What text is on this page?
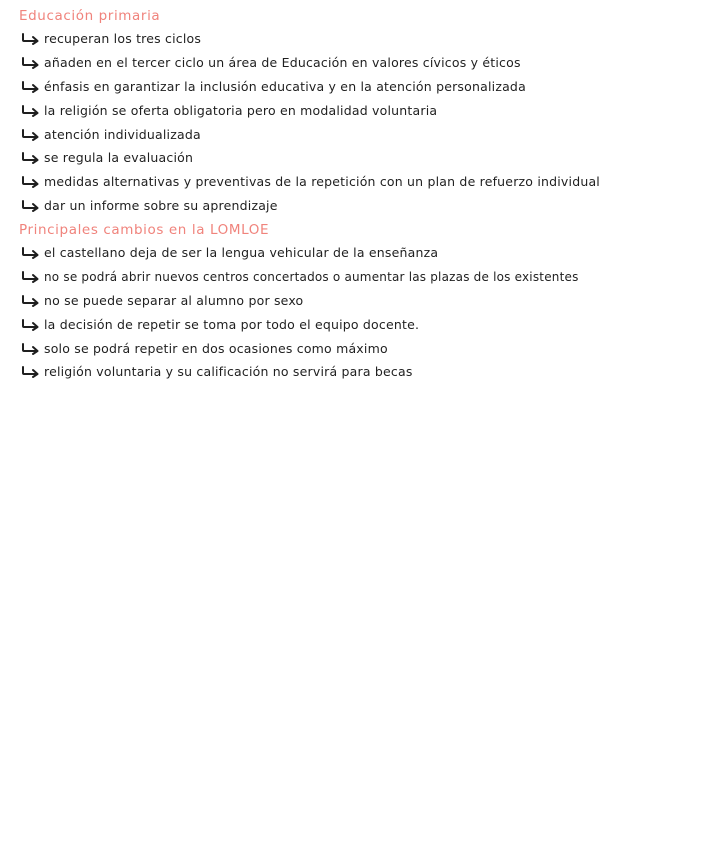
Educación primaria
recuperan los tres ciclos
añaden en el tercer ciclo un área de Educación en valores cívicos y éticos
énfasis en garantizar la inclusión educativa y en la atención personalizada
la religión se oferta obligatoria pero en modalidad voluntaria
atención individualizada
se regula la evaluación
medidas alternativas y preventivas de la repetición con un plan de refuerzo individual
dar un informe sobre su aprendizaje
Principales cambios en la LOMLOE
el castellano deja de ser la lengua vehicular de la enseñanza
no se podrá abrir nuevos centros concertados o aumentar las plazas de los existentes
no se puede separar al alumno por sexo
la decisión de repetir se toma por todo el equipo docente.
solo se podrá repetir en dos ocasiones como máximo
religión voluntaria y su calificación no servirá para becas
